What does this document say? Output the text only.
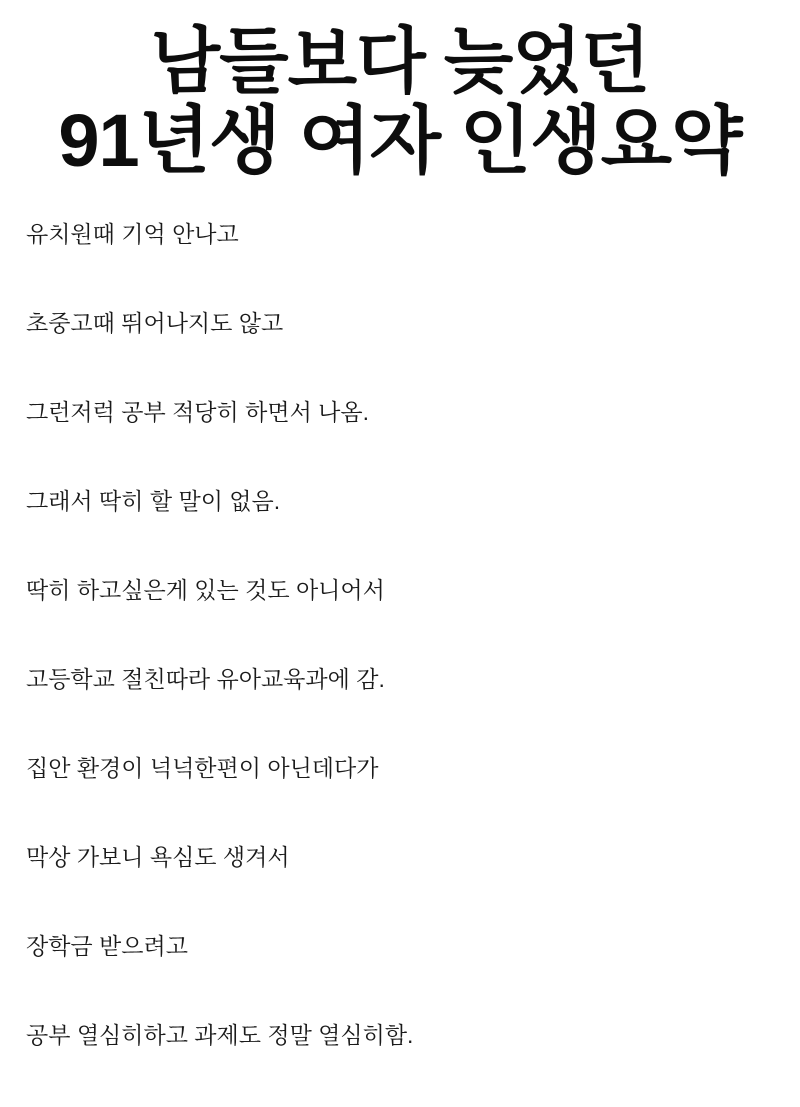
남들보다 늦었던
91년생 여자 인생요약

유치원때 기억 안나고

초중고때 뛰어나지도 않고

그런저럭 공부 적당히 하면서 나옴.

그래서 딱히 할 말이 없음.

딱히 하고싶은게 있는 것도 아니어서

고등학교 절친따라 유아교육과에 감.

집안 환경이 넉넉한편이 아닌데다가

막상 가보니 욕심도 생겨서

장학금 받으려고

공부 열심히하고 과제도 정말 열심히함.
